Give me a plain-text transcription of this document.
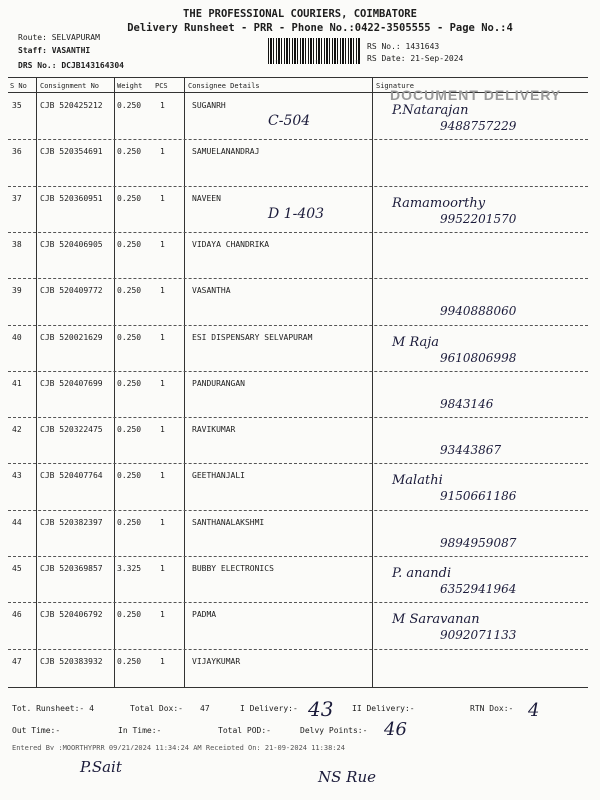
THE PROFESSIONAL COURIERS, COIMBATORE
Delivery Runsheet - PRR - Phone No.:0422-3505555 - Page No.:4
Route: SELVAPURAM
Staff: VASANTHI
DRS No.: DCJB143164304
RS No.: 1431643
RS Date: 21-Sep-2024
S No Consignment No	Weight PCS	Consignee Details	Signature
DOCUMENT DELIVERY
35 CJB 520425212 0.250 1	SUGANRH
C-504
P.Natarajan
9488757229
36 CJB 520354691 0.250 1	SAMUELANANDRAJ
37 CJB 520360951 0.250 1	NAVEEN
D 1-403
Ramamoorthy
9952201570
38 CJB 520406905 0.250 1	VIDAYA CHANDRIKA
39 CJB 520409772 0.250 1	VASANTHA
9940888060
40 CJB 520021629 0.250 1	ESI DISPENSARY SELVAPURAM	M Raja
9610806998
41 CJB 520407699 0.250 1	PANDURANGAN
9843146
42 CJB 520322475 0.250 1	RAVIKUMAR
93443867
43 CJB 520407764 0.250 1	GEETHANJALI	Malathi
9150661186
44 CJB 520382397 0.250 1	SANTHANALAKSHMI
9894959087
45 CJB 520369857 3.325 1	BUBBY ELECTRONICS	P. anandi
6352941964
46 CJB 520406792 0.250 1	PADMA	M Saravanan
9092071133
47 CJB 520383932 0.250 1	VIJAYKUMAR
Tot. Runsheet:- 4	Total Dox:- 47	I Delivery:- 43 II Delivery:-	RTN Dox:- 4
Out Time:-	In Time:-	Total POD:-	Delvy Points:- 46
Entered By :MOORTHYPRR 09/21/2024 11:34:24 AM Receipted On: 21-09-2024 11:38:24
P.Sait
NS Rue
